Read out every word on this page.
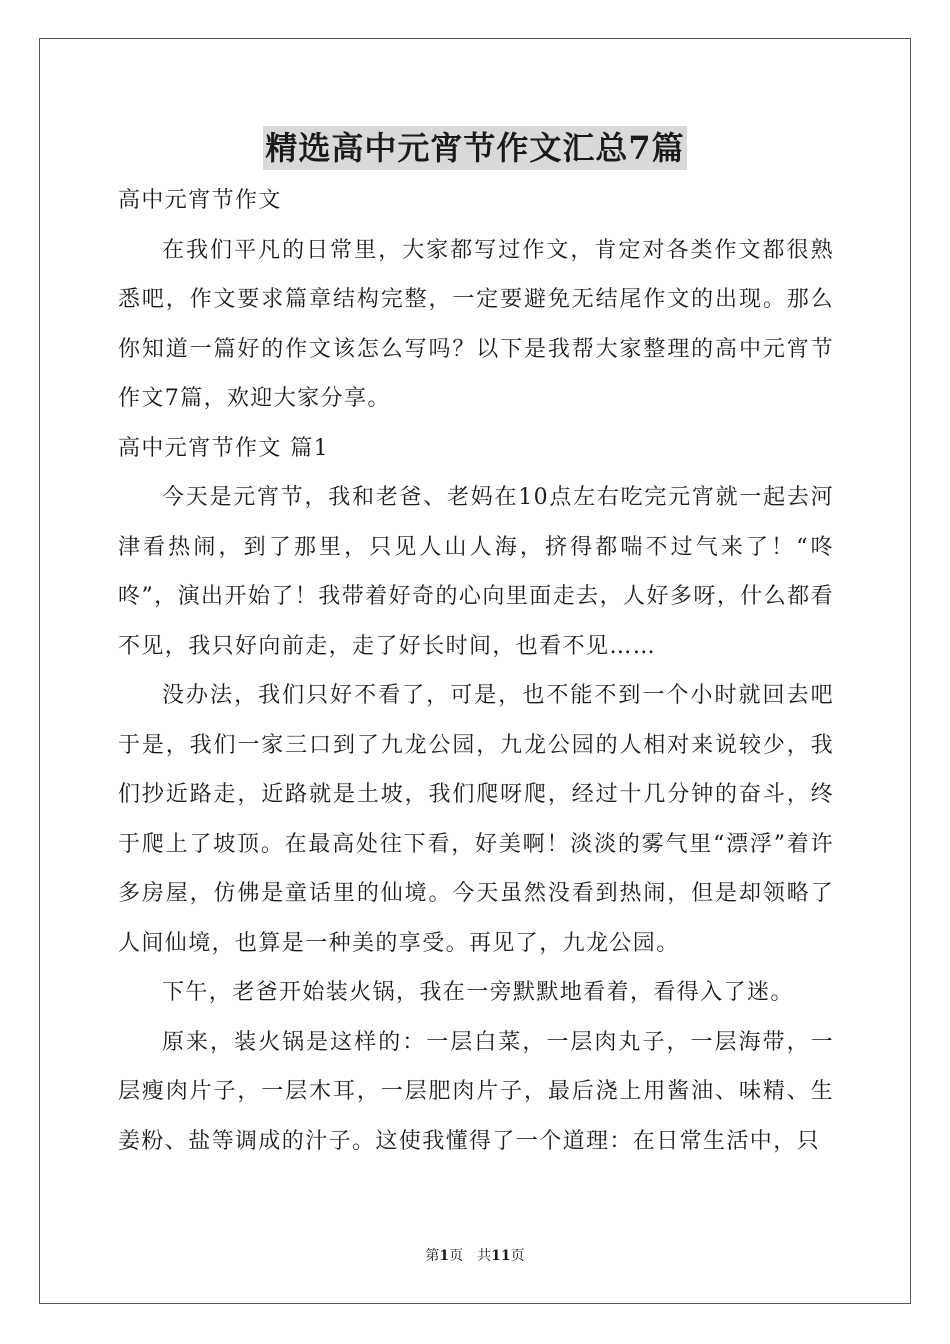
精选高中元宵节作文汇总7篇

高中元宵节作文

在我们平凡的日常里，大家都写过作文，肯定对各类作文都很熟悉吧，作文要求篇章结构完整，一定要避免无结尾作文的出现。那么你知道一篇好的作文该怎么写吗？以下是我帮大家整理的高中元宵节作文7篇，欢迎大家分享。

高中元宵节作文 篇1

今天是元宵节，我和老爸、老妈在10点左右吃完元宵就一起去河津看热闹，到了那里，只见人山人海，挤得都喘不过气来了！“咚咚”，演出开始了！我带着好奇的心向里面走去，人好多呀，什么都看不见，我只好向前走，走了好长时间，也看不见……

没办法，我们只好不看了，可是，也不能不到一个小时就回去吧于是，我们一家三口到了九龙公园，九龙公园的人相对来说较少，我们抄近路走，近路就是土坡，我们爬呀爬，经过十几分钟的奋斗，终于爬上了坡顶。在最高处往下看，好美啊！淡淡的雾气里“漂浮”着许多房屋，仿佛是童话里的仙境。今天虽然没看到热闹，但是却领略了人间仙境，也算是一种美的享受。再见了，九龙公园。

下午，老爸开始装火锅，我在一旁默默地看着，看得入了迷。

原来，装火锅是这样的：一层白菜，一层肉丸子，一层海带，一层瘦肉片子，一层木耳，一层肥肉片子，最后浇上用酱油、味精、生姜粉、盐等调成的汁子。这使我懂得了一个道理：在日常生活中，只

第1页 共11页
